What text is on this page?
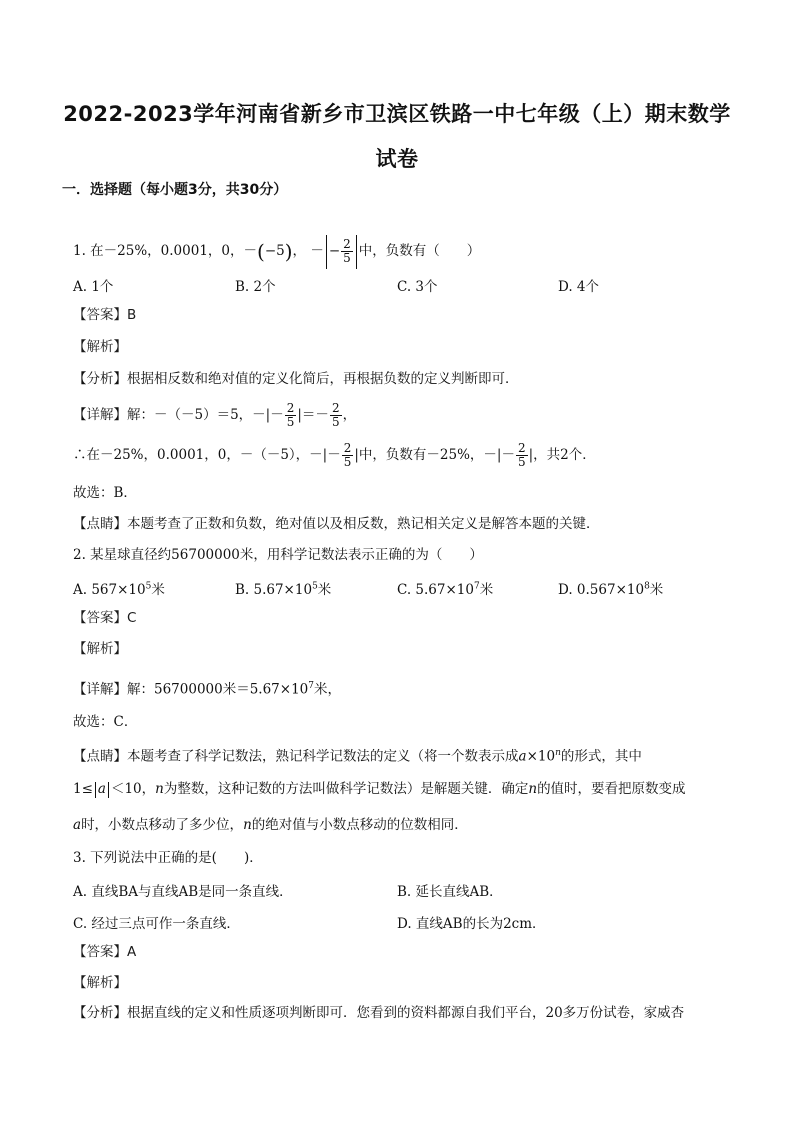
2022-2023学年河南省新乡市卫滨区铁路一中七年级（上）期末数学
试卷
一．选择题（每小题3分，共30分）
1. 在－25%，0.0001，0，－(−5)， － − $\frac{2}{5}$ 中，负数有（　　）
A. 1个	B. 2个	C. 3个	D. 4个
【答案】B
【解析】
【分析】根据相反数和绝对值的定义化简后，再根据负数的定义判断即可．
【详解】解：－（－5）＝5，－|－ $\frac{2}{5}$ |＝－ $\frac{2}{5}$ ，
∴在－25%，0.0001，0，－（－5），－|－ $\frac{2}{5}$ |中，负数有－25%，－|－ $\frac{2}{5}$ |，共2个．
故选：B．
【点睛】本题考查了正数和负数，绝对值以及相反数，熟记相关定义是解答本题的关键．
2. 某星球直径约56700000米，用科学记数法表示正确的为（　　）
A. $567\times 10^5$米	B. $5.67\times 10^5$米	C. $5.67\times 10^7$米	D. $0.567\times 10^8$米
【答案】C
【解析】
【详解】解：56700000米$=5.67\times 10^7$米，
故选：C．
【点睛】本题考查了科学记数法，熟记科学记数法的定义（将一个数表示成$a\times 10^n$的形式，其中
1≤ a ＜10，n为整数，这种记数的方法叫做科学记数法）是解题关键．确定n的值时，要看把原数变成
a时，小数点移动了多少位，n的绝对值与小数点移动的位数相同．
3. 下列说法中正确的是(　　)．
A. 直线BA与直线AB是同一条直线．	B. 延长直线AB．
C. 经过三点可作一条直线．	D. 直线AB的长为2cm．
【答案】A
【解析】
【分析】根据直线的定义和性质逐项判断即可．您看到的资料都源自我们平台，20多万份试卷，家威杏
